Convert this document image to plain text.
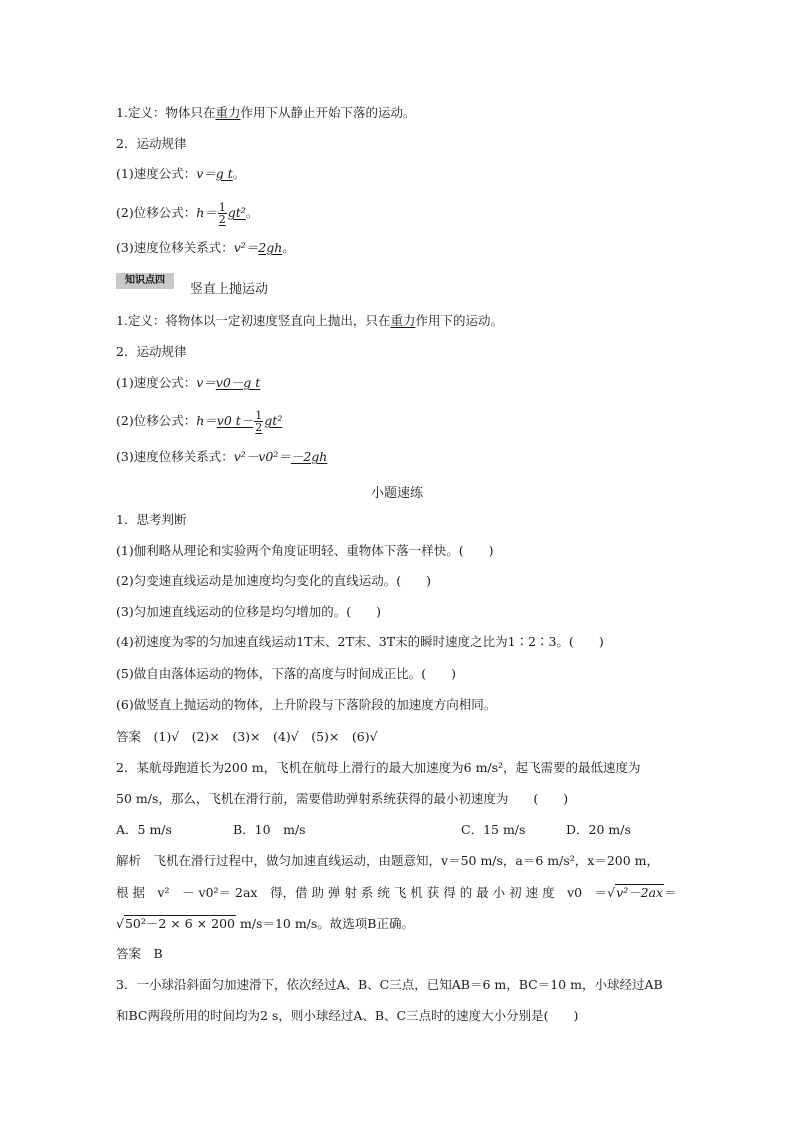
1.定义：物体只在重力作用下从静止开始下落的运动。
2．运动规律
(1)速度公式：v＝g t。
(2)位移公式：$h= \frac{1}{2} gt^2$。
(3)速度位移关系式：v²＝2gh。
知识点四
竖直上抛运动
1.定义：将物体以一定初速度竖直向上抛出，只在重力作用下的运动。
2．运动规律
(1)速度公式：v＝v0－g t
(2)位移公式：h＝v0 $t- \frac{1}{2} gt^2$
(3)速度位移关系式：v²－v0²＝－2gh
小题速练
1．思考判断
(1)伽利略从理论和实验两个角度证明轻、重物体下落一样快。(　　)
(2)匀变速直线运动是加速度均匀变化的直线运动。(　　)
(3)匀加速直线运动的位移是均匀增加的。(　　)
(4)初速度为零的匀加速直线运动1T末、2T末、3T末的瞬时速度之比为1∶2∶3。(　　)
(5)做自由落体运动的物体，下落的高度与时间成正比。(　　)
(6)做竖直上抛运动的物体，上升阶段与下落阶段的加速度方向相同。
答案　(1)√　(2)×　(3)×　(4)√　(5)×　(6)√
2．某航母跑道长为200 m，飞机在航母上滑行的最大加速度为6 m/s²，起飞需要的最低速度为
50 m/s，那么，飞机在滑行前，需要借助弹射系统获得的最小初速度为　　(　　)
A．5 m/s	B．10　m/s	C．15 m/s	D．20 m/s
解析　飞机在滑行过程中，做匀加速直线运动，由题意知，v＝50 m/s，a＝6 m/s²，x＝200 m，
根 据　v²　－ v0²＝ 2ax　得，借 助 弹 射 系 统 飞 机 获 得 的 最 小 初 速 度　v0　＝√v²－2ax＝
√50²－2 × 6 × 200 m/s＝10 m/s。故选项B正确。
答案　B
3．一小球沿斜面匀加速滑下，依次经过A、B、C三点，已知AB＝6 m，BC＝10 m，小球经过AB
和BC两段所用的时间均为2 s，则小球经过A、B、C三点时的速度大小分别是(　　)
